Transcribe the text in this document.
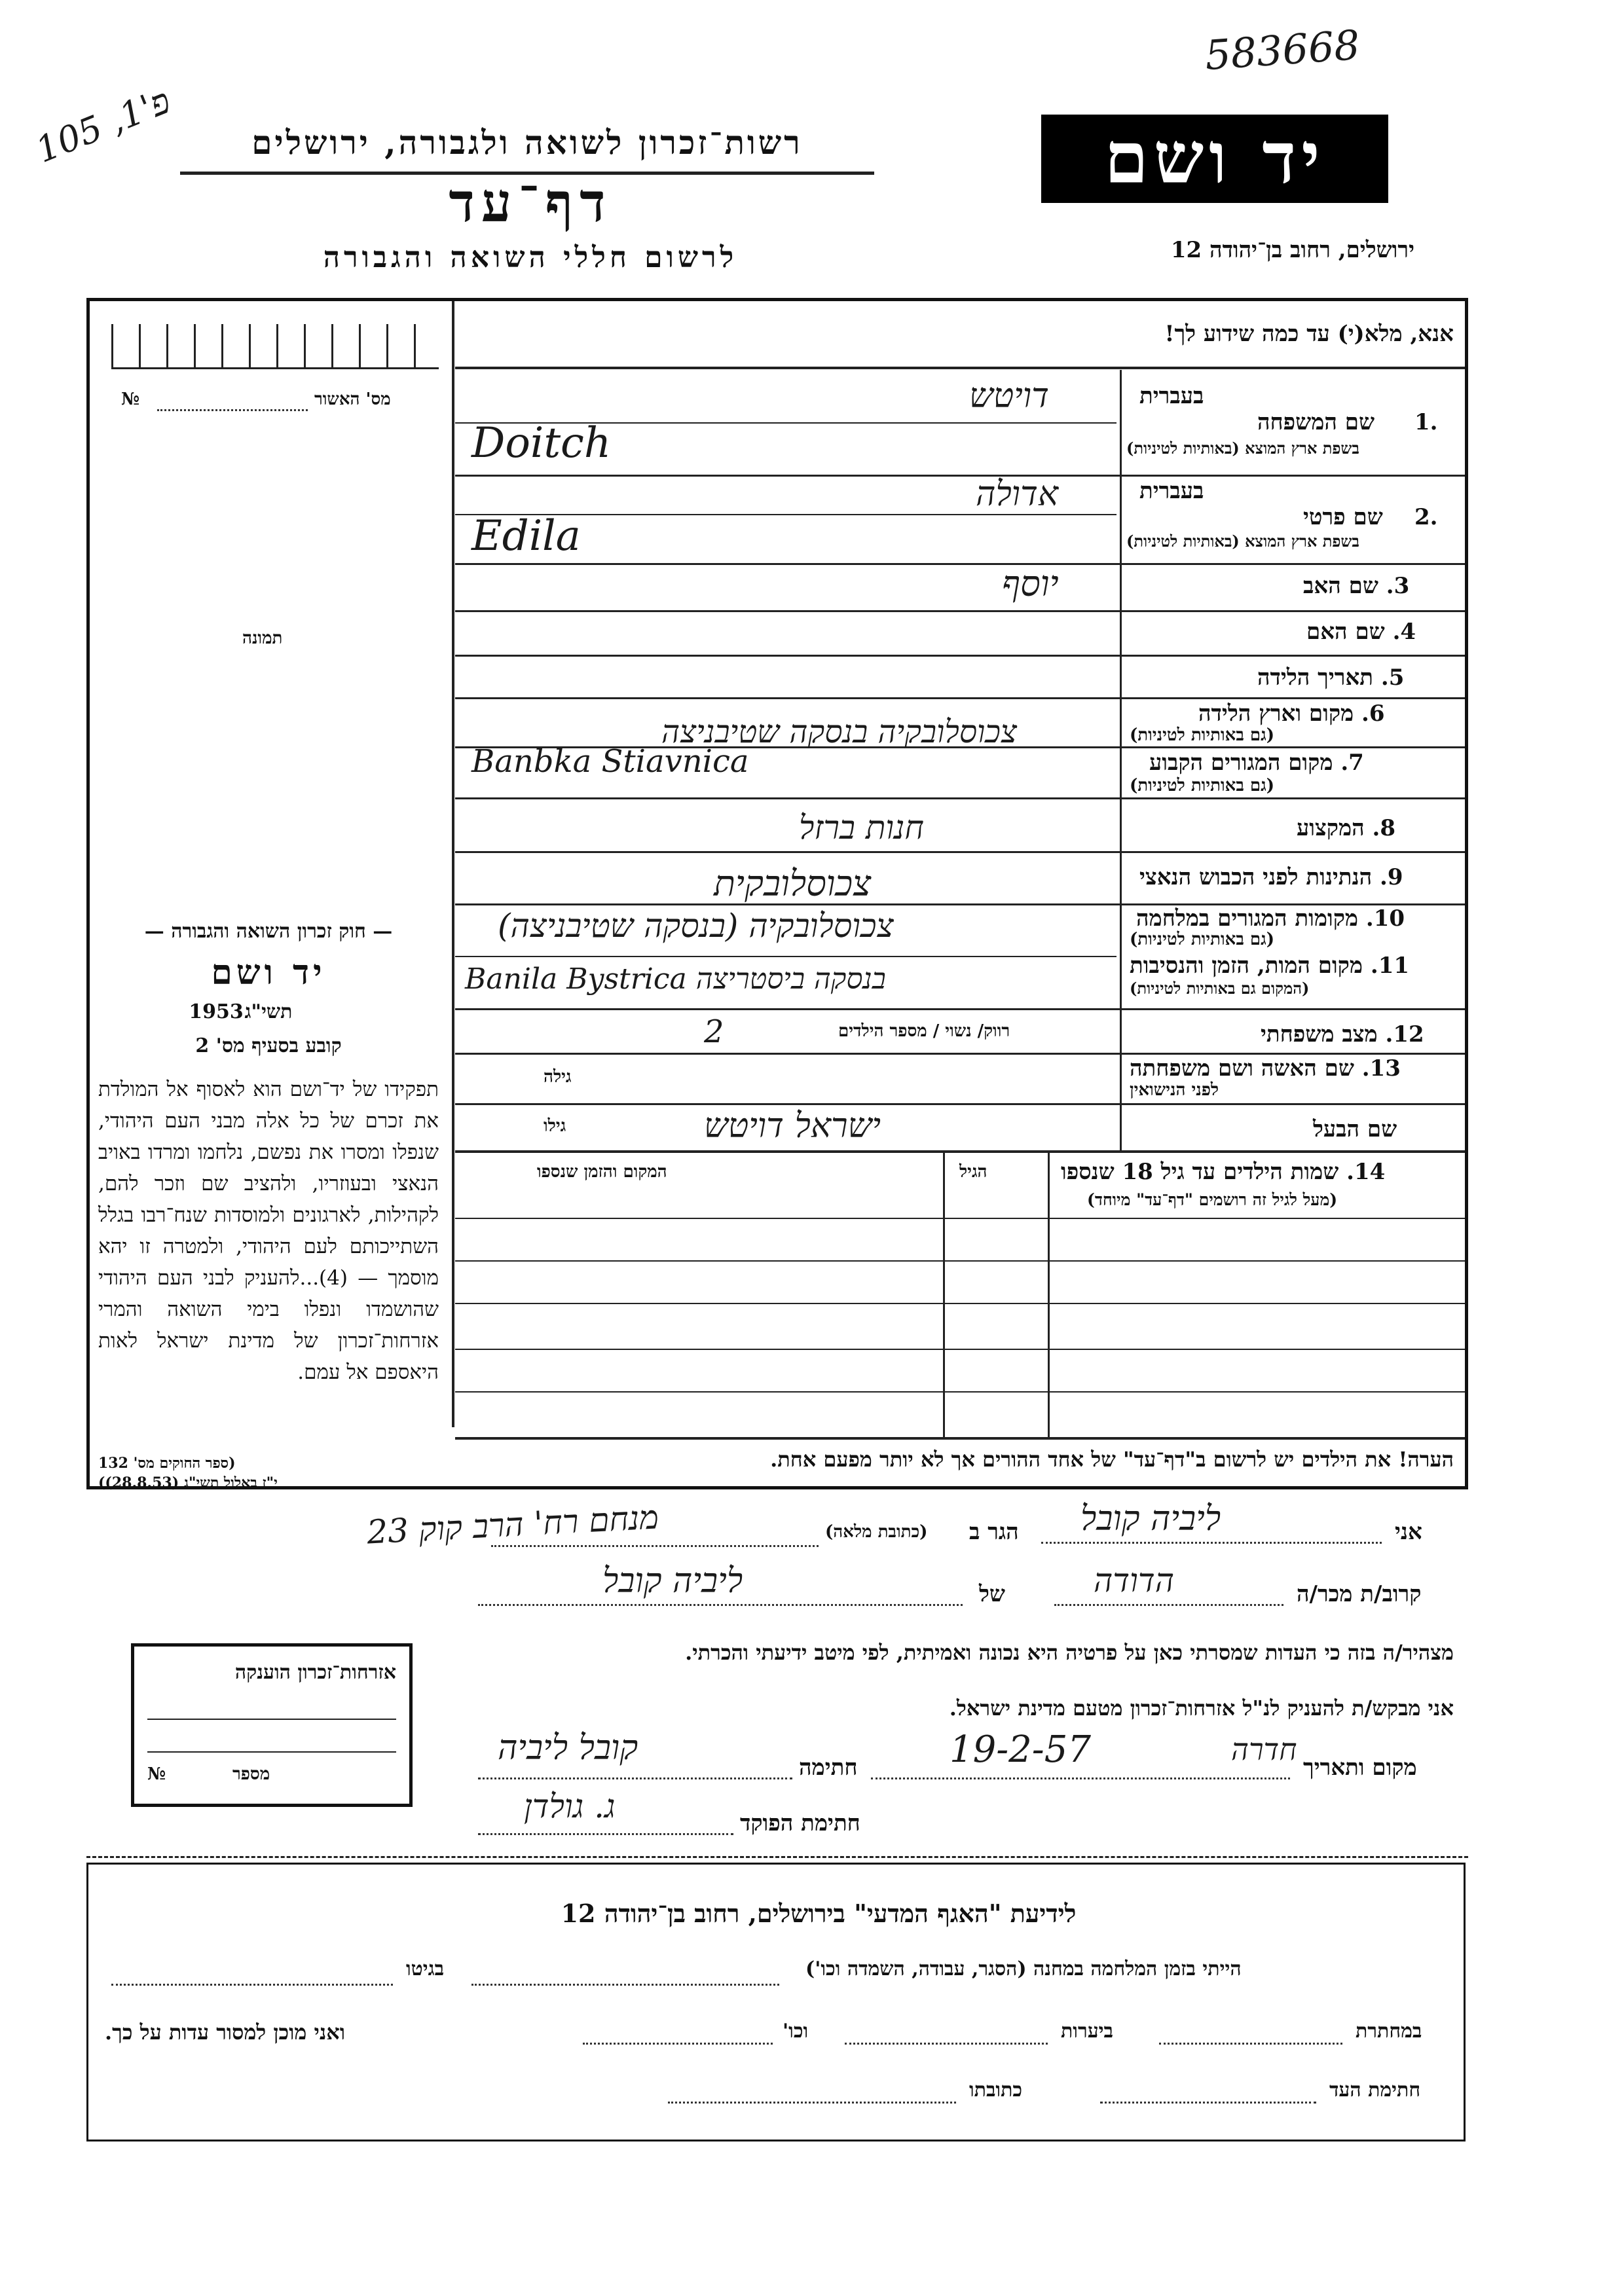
583668
פ'1, 105
רשות־זכרון לשואה ולגבורה, ירושלים
דף־עד
לרשום חללי השואה והגבורה
יד ושם
ירושלים, רחוב בן־יהודה 12
מס' האשור
№
תמונה
— חוק זכרון השואה והגבורה —
יד ושם
תשי"ג
1953
קובע בסעיף מס' 2
תפקידו של יד־ושם הוא לאסוף אל המולדת את זכרם של כל אלה מבני העם היהודי, שנפלו ומסרו את נפשם, נלחמו ומרדו באויב הנאצי ובעוזריו, ולהציב שם וזכר להם, לקהילות, לארגונים ולמוסדות שנח־רבו בגלל השתייכותם לעם היהודי, ולמטרה זו יהא מוסמך — (4)...להעניק לבני העם היהודי שהושמדו ונפלו בימי השואה והמרי אזרחות־זכרון של מדינת ישראל לאות היאספם אל עמם.
(ספר החוקים מס' 132
י"ז באלול תשי"ג (28.8.53))
אנא, מלא(י) עד כמה שידוע לך!
בעברית
1.
שם המשפחה
בשפת ארץ המוצא (באותיות לטיניות)
בעברית
2.
שם פרטי
בשפת ארץ המוצא (באותיות לטיניות)
3. שם האב
4. שם האם
5. תאריך הלידה
6. מקום וארץ הלידה
(גם באותיות לטיניות)
7. מקום המגורים הקבוע
(גם באותיות לטיניות)
8. המקצוע
9. הנתינות לפני הכבוש הנאצי
10. מקומות המגורים במלחמה
(גם באותיות לטיניות)
11. מקום המות, הזמן והנסיבות
(המקום גם באותיות לטיניות)
12. מצב משפחתי
13. שם האשה ושם משפחתה
לפני הנישואין
שם הבעל
רווק/ נשוי / מספר הילדים
גילה
גילו
דויטש
Doitch
אדולה
Edila
יוסף
צכוסלובקיה בנסקה שטיבניצה
Banbka Stiavnica
חנות ברזל
צכוסלובקית
צכוסלובקיה (בנסקה שטיבניצה)
Banila Bystrica בנסקה ביסטריצה
2
ישראל דויטש
14. שמות הילדים עד גיל 18 שנספו
(מעל לגיל זה רושמים "דף־עד" מיוחד)
הגיל
המקום והזמן שנספו
הערה! את הילדים יש לרשום ב"דף־עד" של אחד ההורים אך לא יותר מפעם אחת.
אני
ליביה קובל
הגר ב
(כתובת מלאה)
מנחם רח' הרב קוק 23
קרוב/ת מכר/ה
הדודה
של
ליביה קובל
מצהיר/ה בזה כי העדות שמסרתי כאן על פרטיה היא נכונה ואמיתית, לפי מיטב ידיעתי והכרתי.
אני מבקש/ת להעניק לנ"ל אזרחות־זכרון מטעם מדינת ישראל.
מקום ותאריך
חדרה
19-2-57
חתימה
קובל ליביה
חתימת הפוקד
ג. גולדן
אזרחות־זכרון הוענקה
מספר
№
לידיעת "האגף המדעי" בירושלים, רחוב בן־יהודה 12
הייתי בזמן המלחמה במחנה (הסגר, עבודה, השמדה וכו')
בגיטו
במחתרת
ביערות
וכו'
ואני מוכן למסור עדות על כך.
חתימת העד
כתובתו
